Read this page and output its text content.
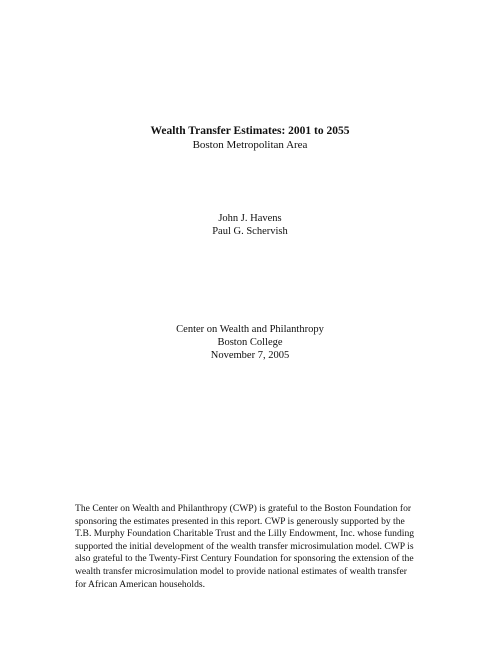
Wealth Transfer Estimates: 2001 to 2055
Boston Metropolitan Area
John J. Havens
Paul G. Schervish
Center on Wealth and Philanthropy
Boston College
November 7, 2005
The Center on Wealth and Philanthropy (CWP) is grateful to the Boston Foundation for
sponsoring the estimates presented in this report. CWP is generously supported by the
T.B. Murphy Foundation Charitable Trust and the Lilly Endowment, Inc. whose funding
supported the initial development of the wealth transfer microsimulation model. CWP is
also grateful to the Twenty-First Century Foundation for sponsoring the extension of the
wealth transfer microsimulation model to provide national estimates of wealth transfer
for African American households.
